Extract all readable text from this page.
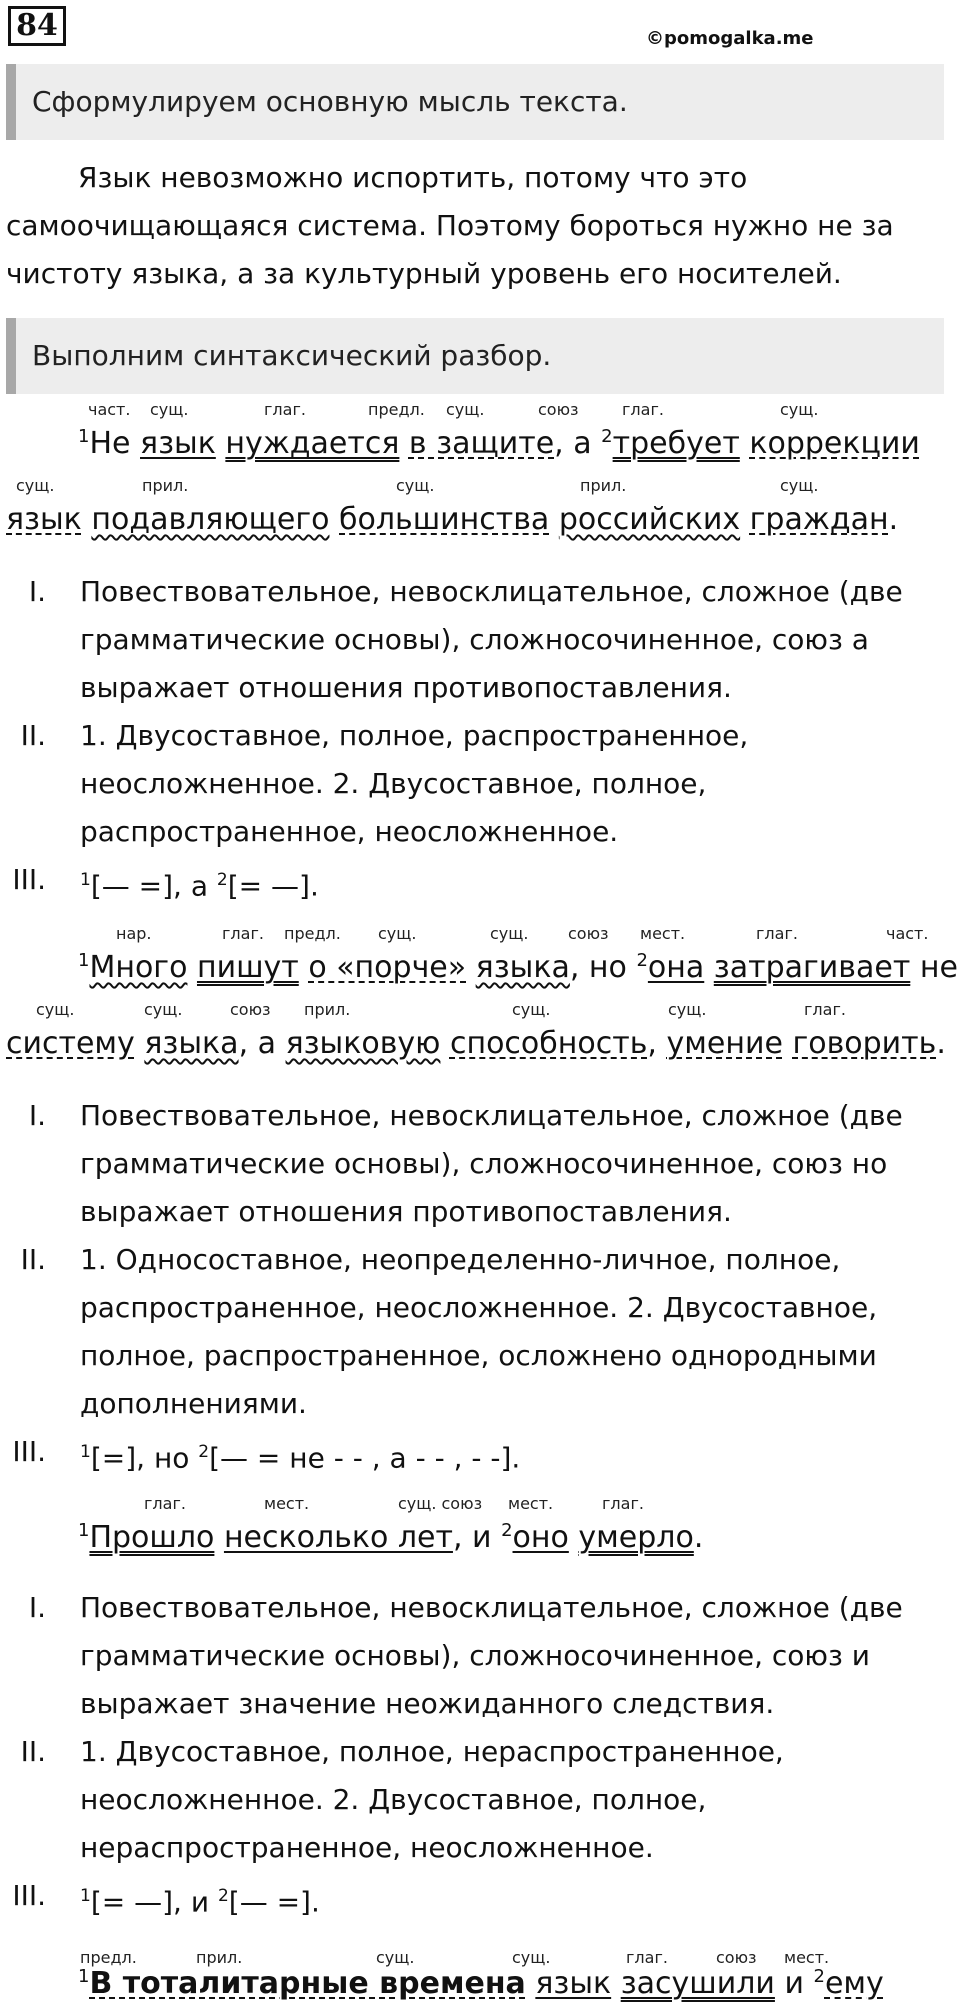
84	©pomogalka.me
Сформулируем основную мысль текста.

Язык невозможно испортить, потому что это

самоочищающаяся система. Поэтому бороться нужно не за

чистоту языка, а за культурный уровень его носителей.

Выполним синтаксический разбор.
част. сущ.	глаг.	предл. сущ.	союз	глаг.	сущ.
$^1$Не язык нуждается в защите, а $^2$требует коррекции
сущ.	прил.	сущ.	прил.	сущ.
язык подавляющего большинства российских граждан.
I. Повествовательное, невосклицательное, сложное (две

грамматические основы), сложносочиненное, союз а

выражает отношения противопоставления.

II. 1. Двусоставное, полное, распространенное,

неосложненное. 2. Двусоставное, полное,

распространенное, неосложненное.

III. $^1$[— =], а $^2$[= —].

нар.	глаг. предл. сущ.	сущ. союз мест.	глаг.	част.
$^1$Много пишут о «порче» языка, но $^2$она затрагивает не
сущ.	сущ.	союз прил.	сущ.	сущ.	глаг.
систему языка, а языковую способность, умение говорить.
I. Повествовательное, невосклицательное, сложное (две

грамматические основы), сложносочиненное, союз но

выражает отношения противопоставления.

II. 1. Односоставное, неопределенно-личное, полное,

распространенное, неосложненное. 2. Двусоставное,

полное, распространенное, осложнено однородными

дополнениями.

III. $^1$[=], но $^2$[— = не - - , а - - , - -].

глаг.	мест.	сущ. союз мест.	глаг.
$^1$Прошло несколько лет, и $^2$оно умерло.
I. Повествовательное, невосклицательное, сложное (две

грамматические основы), сложносочиненное, союз и

выражает значение неожиданного следствия.

II. 1. Двусоставное, полное, нераспространенное,

неосложненное. 2. Двусоставное, полное,

нераспространенное, неосложненное.

III. $^1$[= —], и $^2$[— =].

предл.	прил.	сущ.	сущ.	глаг.	союз мест.
$^1$В тоталитарные времена язык засушили и $^2$ему
